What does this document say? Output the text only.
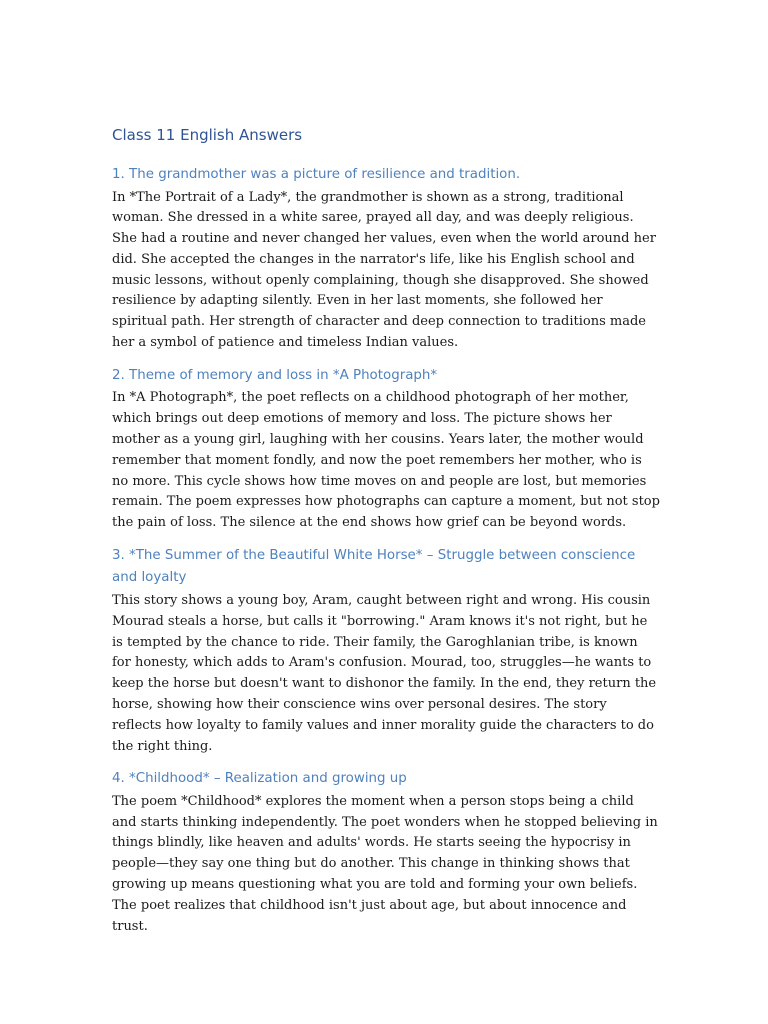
Class 11 English Answers
1. The grandmother was a picture of resilience and tradition.

In *The Portrait of a Lady*, the grandmother is shown as a strong, traditional woman. She dressed in a white saree, prayed all day, and was deeply religious. She had a routine and never changed her values, even when the world around her did. She accepted the changes in the narrator's life, like his English school and music lessons, without openly complaining, though she disapproved. She showed resilience by adapting silently. Even in her last moments, she followed her spiritual path. Her strength of character and deep connection to traditions made her a symbol of patience and timeless Indian values.

2. Theme of memory and loss in *A Photograph*

In *A Photograph*, the poet reflects on a childhood photograph of her mother, which brings out deep emotions of memory and loss. The picture shows her mother as a young girl, laughing with her cousins. Years later, the mother would remember that moment fondly, and now the poet remembers her mother, who is no more. This cycle shows how time moves on and people are lost, but memories remain. The poem expresses how photographs can capture a moment, but not stop the pain of loss. The silence at the end shows how grief can be beyond words.

3. *The Summer of the Beautiful White Horse* – Struggle between conscience and loyalty

This story shows a young boy, Aram, caught between right and wrong. His cousin Mourad steals a horse, but calls it "borrowing." Aram knows it's not right, but he is tempted by the chance to ride. Their family, the Garoghlanian tribe, is known for honesty, which adds to Aram's confusion. Mourad, too, struggles—he wants to keep the horse but doesn't want to dishonor the family. In the end, they return the horse, showing how their conscience wins over personal desires. The story reflects how loyalty to family values and inner morality guide the characters to do the right thing.

4. *Childhood* – Realization and growing up

The poem *Childhood* explores the moment when a person stops being a child and starts thinking independently. The poet wonders when he stopped believing in things blindly, like heaven and adults' words. He starts seeing the hypocrisy in people—they say one thing but do another. This change in thinking shows that growing up means questioning what you are told and forming your own beliefs. The poet realizes that childhood isn't just about age, but about innocence and trust.
